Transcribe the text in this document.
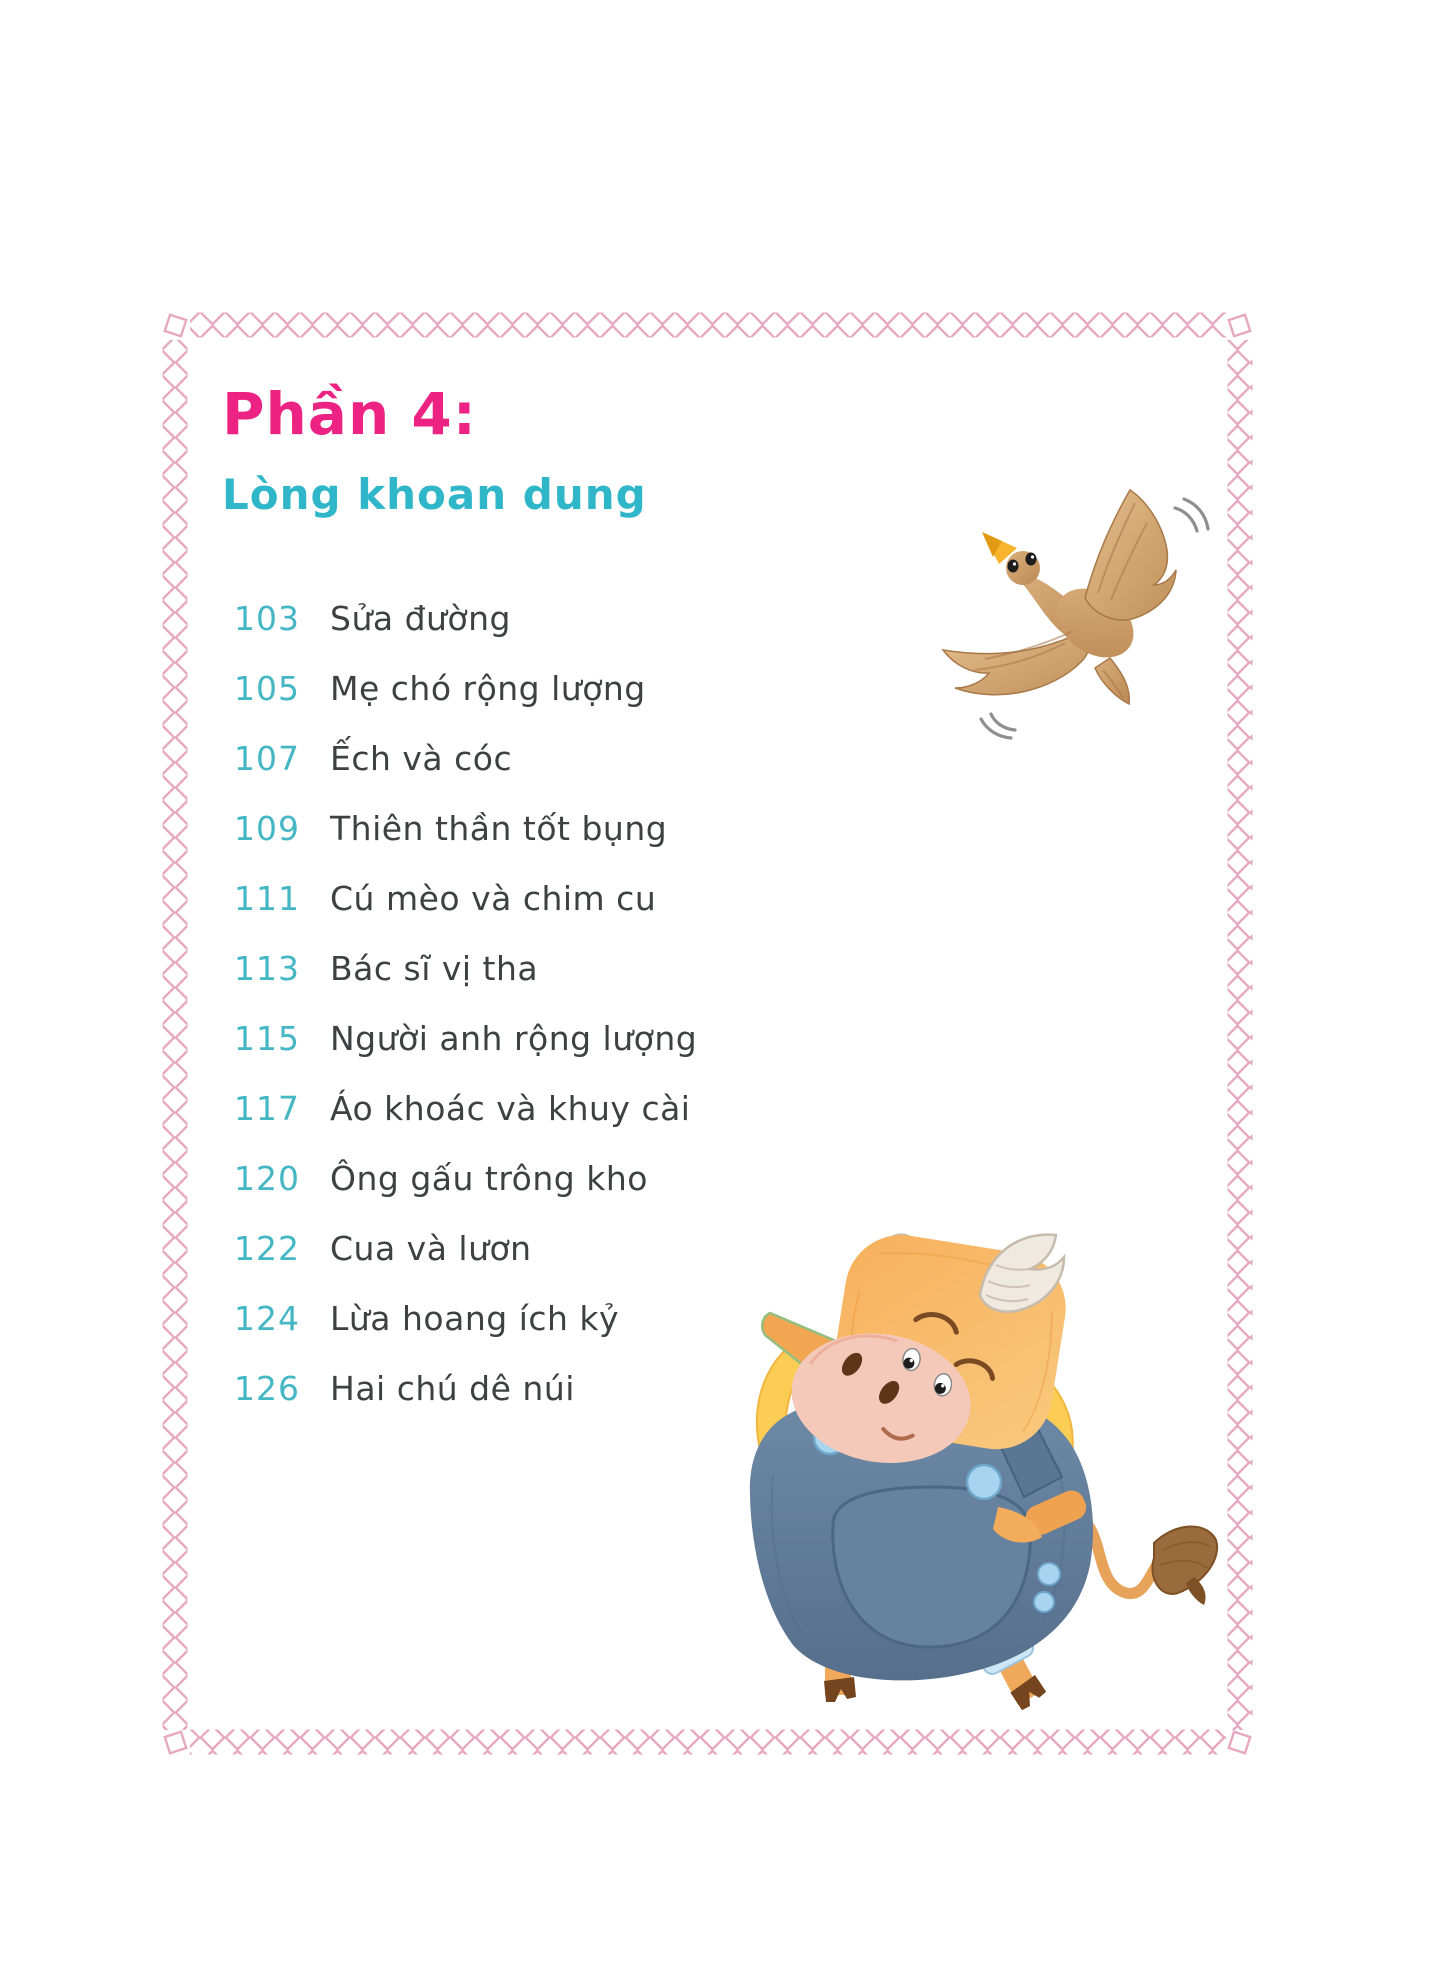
Phần 4:
Lòng khoan dung
103 Sửa đường
105 Mẹ chó rộng lượng
107 Ếch và cóc
109 Thiên thần tốt bụng
111 Cú mèo và chim cu
113 Bác sĩ vị tha
115 Người anh rộng lượng
117 Áo khoác và khuy cài
120 Ông gấu trông kho
122 Cua và lươn
124 Lừa hoang ích kỷ
126 Hai chú dê núi
